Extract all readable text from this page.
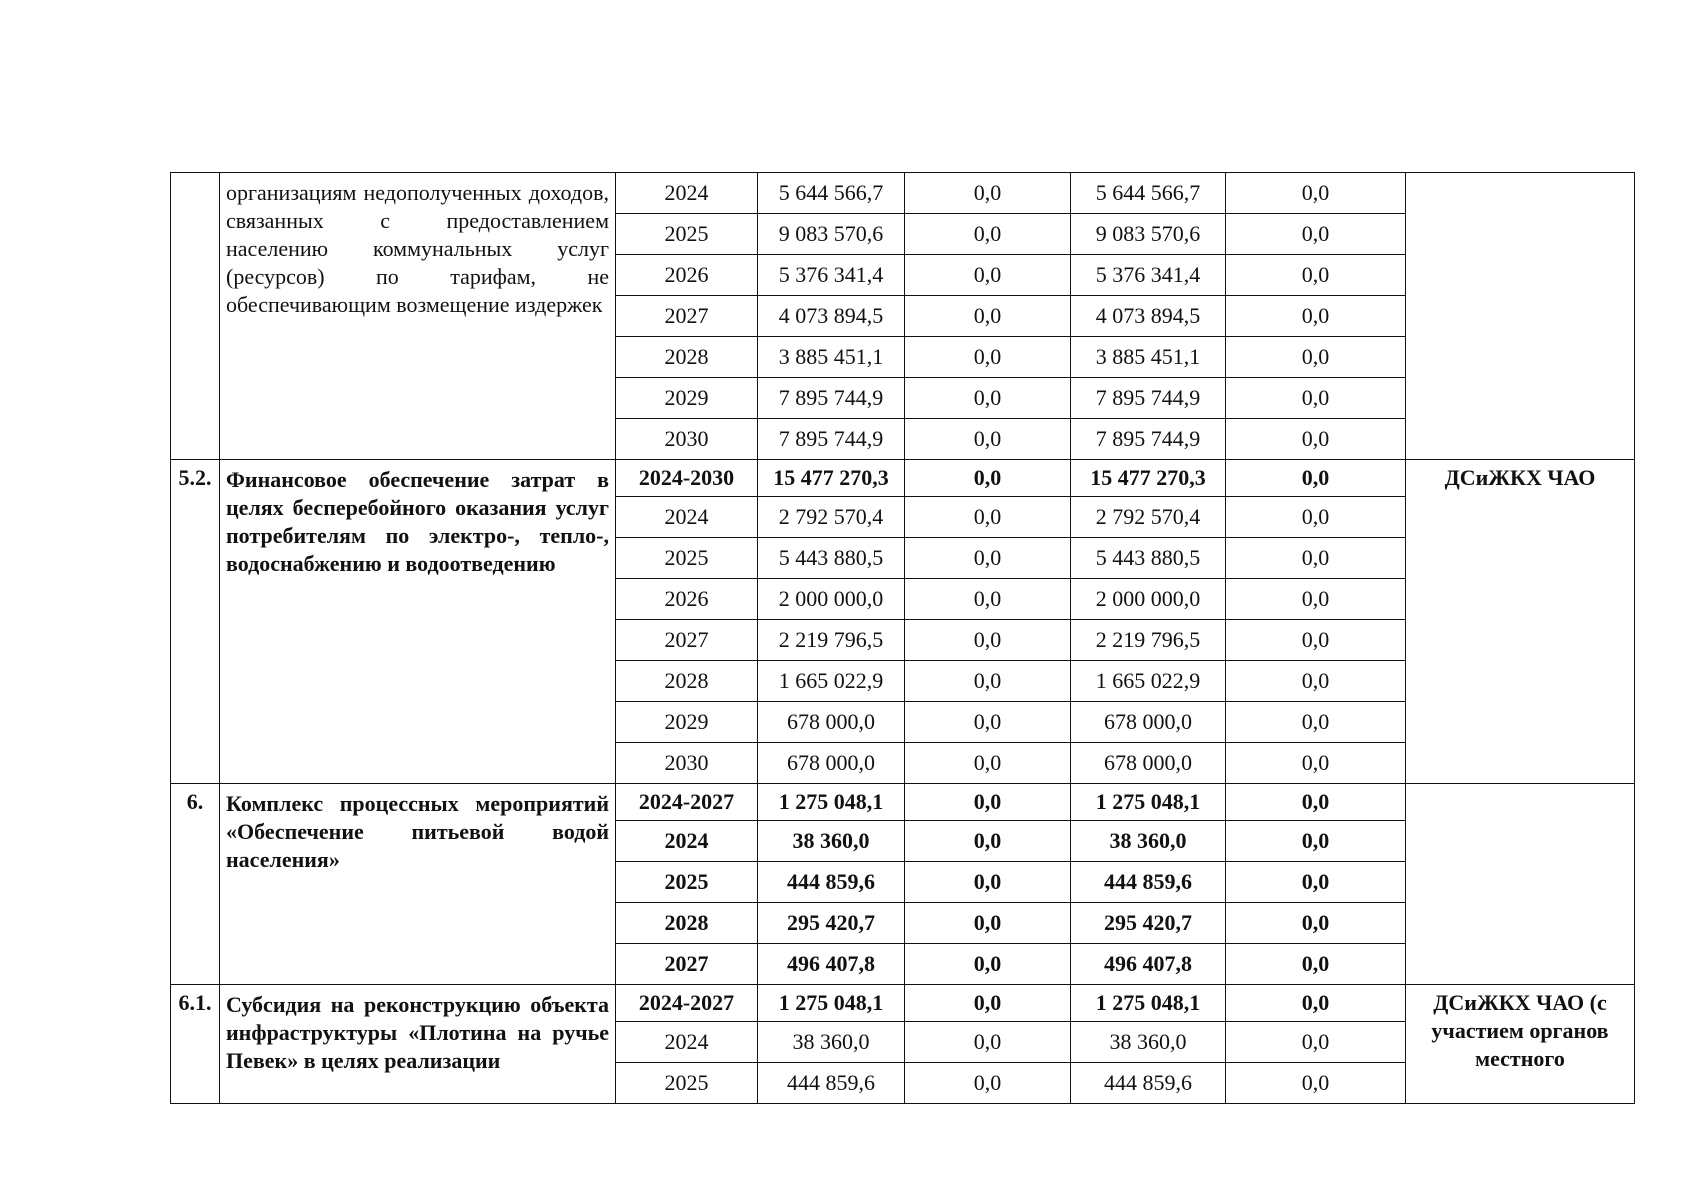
	организациям недополученных доходов, связанных с предоставлением населению коммунальных услуг (ресурсов) по тарифам, не обеспечивающим возмещение издержек	2024	5 644 566,7	0,0	5 644 566,7	0,0	
		2025	9 083 570,6	0,0	9 083 570,6	0,0	
		2026	5 376 341,4	0,0	5 376 341,4	0,0	
		2027	4 073 894,5	0,0	4 073 894,5	0,0	
		2028	3 885 451,1	0,0	3 885 451,1	0,0	
		2029	7 895 744,9	0,0	7 895 744,9	0,0	
		2030	7 895 744,9	0,0	7 895 744,9	0,0	
5.2.	Финансовое обеспечение затрат в целях бесперебойного оказания услуг потребителям по электро-, тепло-, водоснабжению и водоотведению	2024-2030	15 477 270,3	0,0	15 477 270,3	0,0	ДСиЖКХ ЧАО
		2024	2 792 570,4	0,0	2 792 570,4	0,0	
		2025	5 443 880,5	0,0	5 443 880,5	0,0	
		2026	2 000 000,0	0,0	2 000 000,0	0,0	
		2027	2 219 796,5	0,0	2 219 796,5	0,0	
		2028	1 665 022,9	0,0	1 665 022,9	0,0	
		2029	678 000,0	0,0	678 000,0	0,0	
		2030	678 000,0	0,0	678 000,0	0,0	
6.	Комплекс процессных мероприятий «Обеспечение питьевой водой населения»	2024-2027	1 275 048,1	0,0	1 275 048,1	0,0	
		2024	38 360,0	0,0	38 360,0	0,0	
		2025	444 859,6	0,0	444 859,6	0,0	
		2028	295 420,7	0,0	295 420,7	0,0	
		2027	496 407,8	0,0	496 407,8	0,0	
6.1.	Субсидия на реконструкцию объекта инфраструктуры «Плотина на ручье Певек» в целях реализации	2024-2027	1 275 048,1	0,0	1 275 048,1	0,0	ДСиЖКХ ЧАО (с участием органов местного
		2024	38 360,0	0,0	38 360,0	0,0	
		2025	444 859,6	0,0	444 859,6	0,0	
